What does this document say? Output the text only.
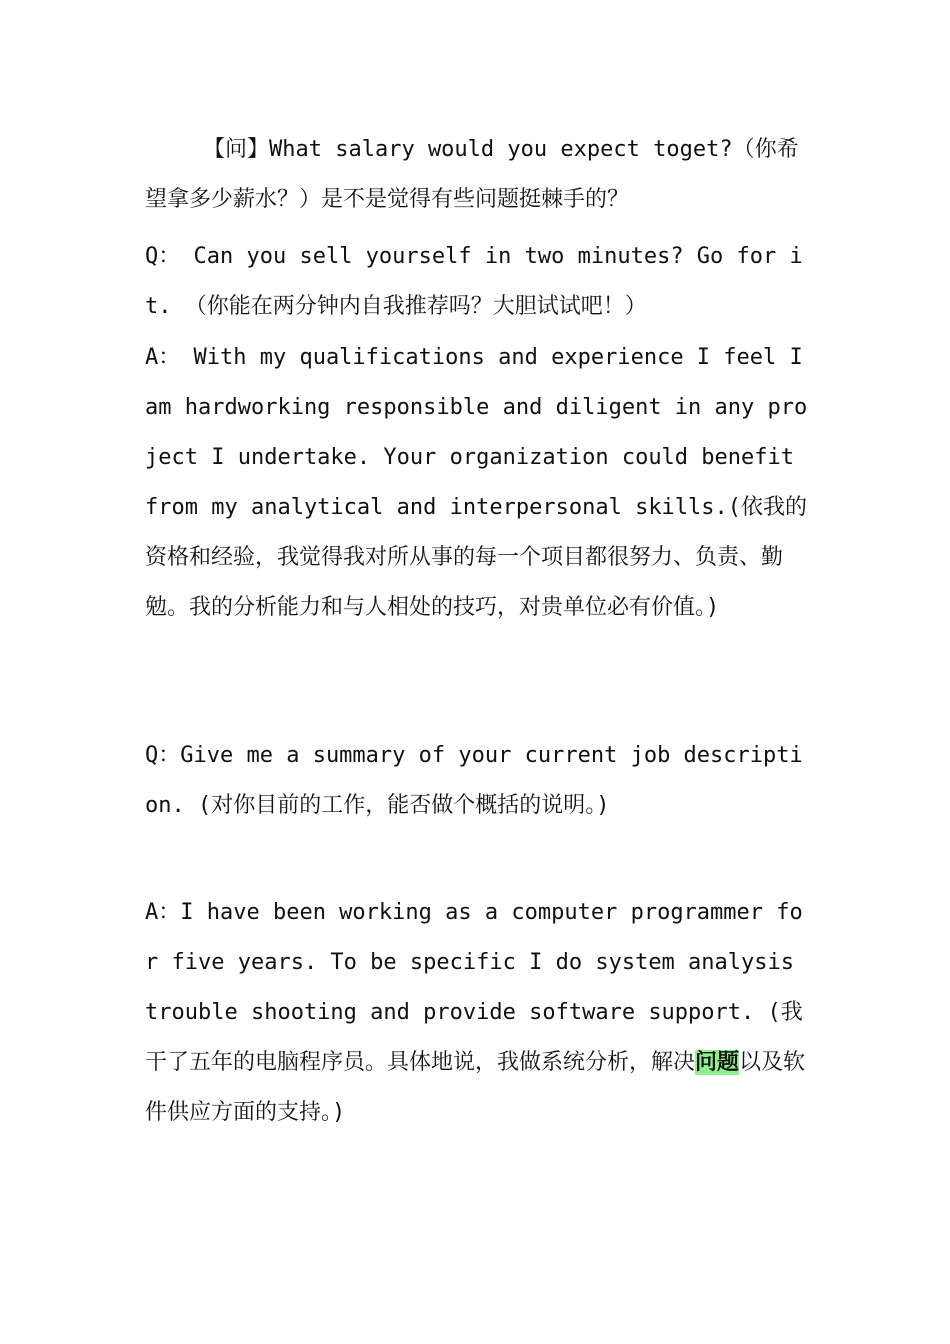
【问】What salary would you expect toget?（你希望拿多少薪水？）是不是觉得有些问题挺棘手的？

Q： Can you sell yourself in two minutes? Go for it. （你能在两分钟内自我推荐吗？大胆试试吧！）

A： With my qualifications and experience I feel I am hardworking responsible and diligent in any project I undertake. Your organization could benefit from my analytical and interpersonal skills.(依我的资格和经验，我觉得我对所从事的每一个项目都很努力、负责、勤勉。我的分析能力和与人相处的技巧，对贵单位必有价值。)

Q：Give me a summary of your current job description. (对你目前的工作，能否做个概括的说明。)

A：I have been working as a computer programmer for five years. To be specific I do system analysis trouble shooting and provide software support. (我干了五年的电脑程序员。具体地说，我做系统分析，解决问题以及软件供应方面的支持。)
